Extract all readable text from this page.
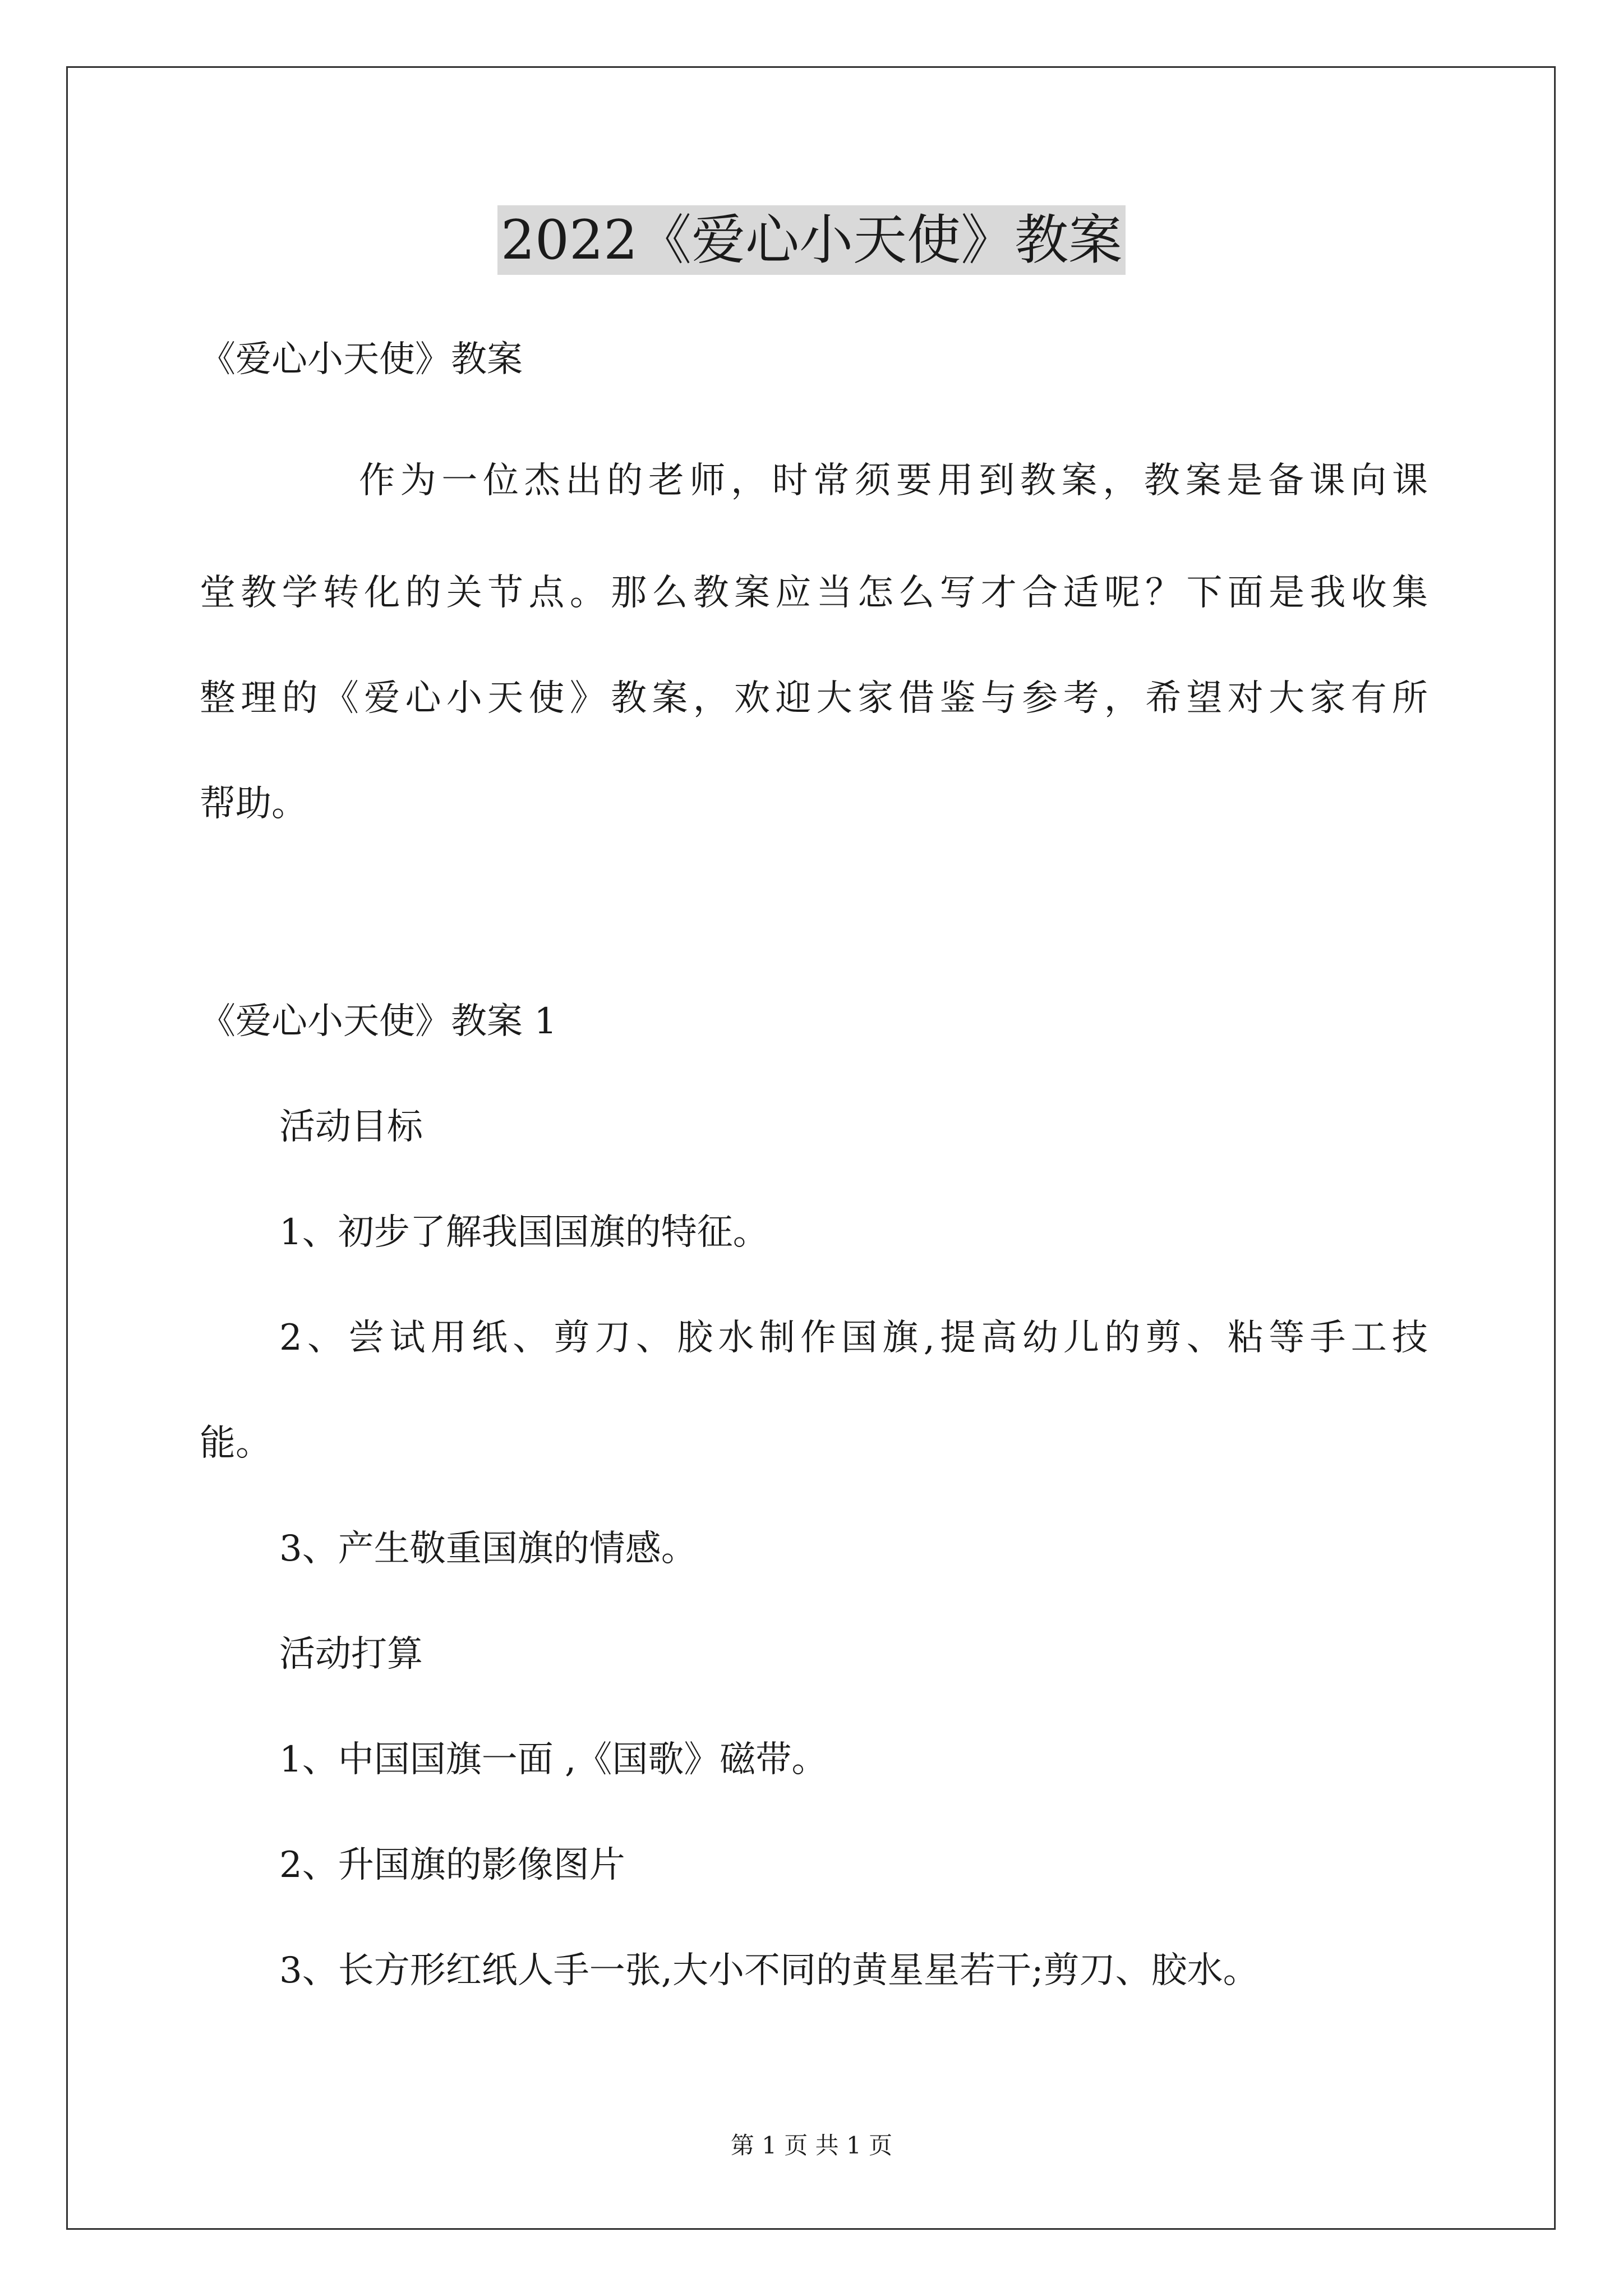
2022《爱心小天使》教案

《爱心小天使》教案

作为一位杰出的老师，时常须要用到教案，教案是备课向课

堂教学转化的关节点。那么教案应当怎么写才合适呢？下面是我收集

整理的《爱心小天使》教案，欢迎大家借鉴与参考，希望对大家有所

帮助。

《爱心小天使》教案 1

活动目标

1、初步了解我国国旗的特征。

2、尝试用纸、剪刀、胶水制作国旗,提高幼儿的剪、粘等手工技

能。

3、产生敬重国旗的情感。

活动打算

1、中国国旗一面 ,《国歌》磁带。

2、升国旗的影像图片

3、长方形红纸人手一张,大小不同的黄星星若干;剪刀、胶水。

第 1 页 共 1 页
